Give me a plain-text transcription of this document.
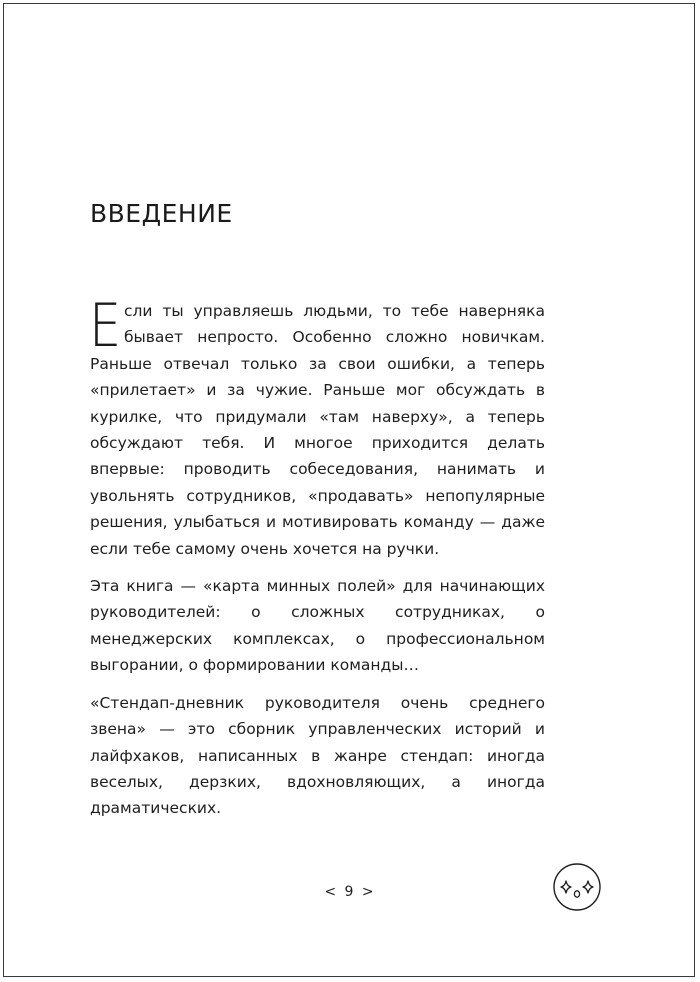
ВВЕДЕНИЕ

Если ты управляешь людьми, то тебе наверняка бывает непросто. Особенно сложно новичкам. Раньше отвечал только за свои ошибки, а теперь «прилетает» и за чужие. Раньше мог обсуждать в курилке, что придумали «там наверху», а теперь обсуждают тебя. И многое приходится делать впервые: проводить собеседования, нанимать и увольнять сотрудников, «продавать» непопулярные решения, улыбаться и мотивировать команду — даже если тебе самому очень хочется на ручки.

Эта книга — «карта минных полей» для начинающих руководителей: о сложных сотрудниках, о менеджерских комплексах, о профессиональном выгорании, о формировании команды…

«Стендап-дневник руководителя очень среднего звена» — это сборник управленческих историй и лайфхаков, написанных в жанре стендап: иногда веселых, дерзких, вдохновляющих, а иногда драматических.

< 9 >
